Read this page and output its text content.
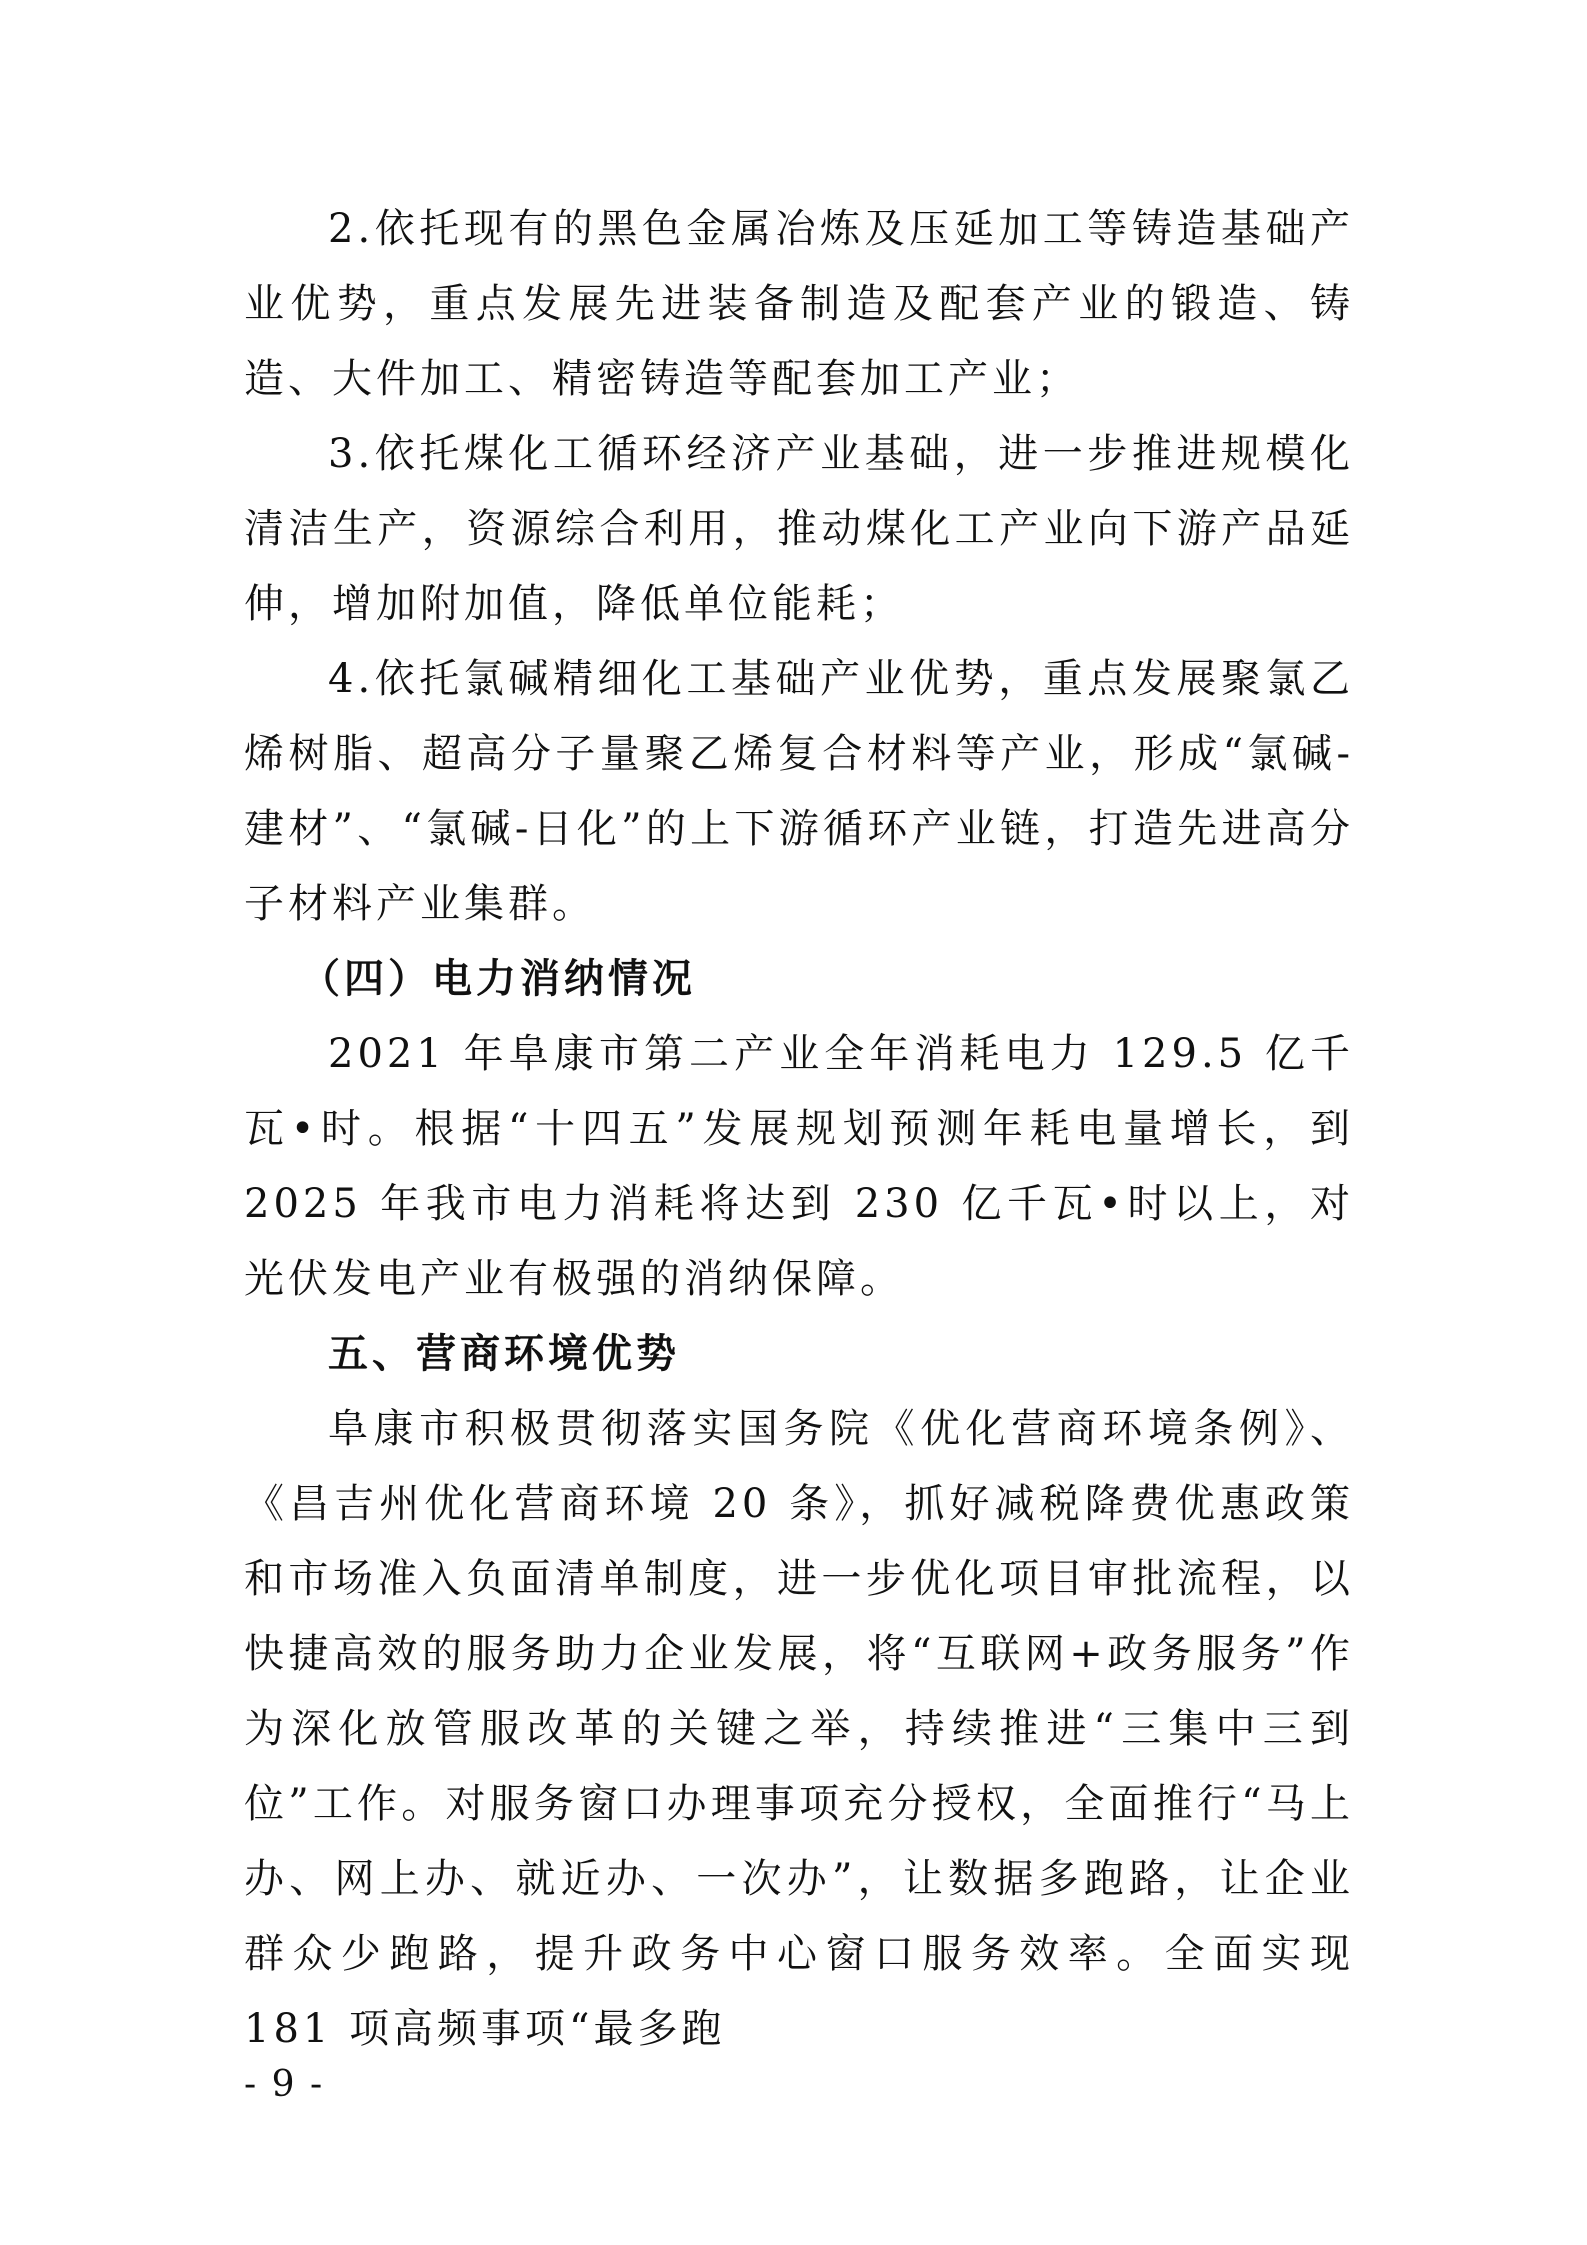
2.依托现有的黑色金属冶炼及压延加工等铸造基础产业优势，重点发展先进装备制造及配套产业的锻造、铸造、大件加工、精密铸造等配套加工产业；

3.依托煤化工循环经济产业基础，进一步推进规模化清洁生产，资源综合利用，推动煤化工产业向下游产品延伸，增加附加值，降低单位能耗；

4.依托氯碱精细化工基础产业优势，重点发展聚氯乙烯树脂、超高分子量聚乙烯复合材料等产业，形成“氯碱-建材”、“氯碱-日化”的上下游循环产业链，打造先进高分子材料产业集群。

（四）电力消纳情况

2021 年阜康市第二产业全年消耗电力 129.5 亿千瓦•时。根据“十四五”发展规划预测年耗电量增长，到 2025 年我市电力消耗将达到 230 亿千瓦•时以上，对光伏发电产业有极强的消纳保障。

五、营商环境优势

阜康市积极贯彻落实国务院《优化营商环境条例》、《昌吉州优化营商环境 20 条》，抓好减税降费优惠政策和市场准入负面清单制度，进一步优化项目审批流程，以快捷高效的服务助力企业发展，将“互联网+政务服务”作为深化放管服改革的关键之举，持续推进“三集中三到位”工作。对服务窗口办理事项充分授权，全面推行“马上办、网上办、就近办、一次办”，让数据多跑路，让企业群众少跑路，提升政务中心窗口服务效率。全面实现 181 项高频事项“最多跑

- 9 -
